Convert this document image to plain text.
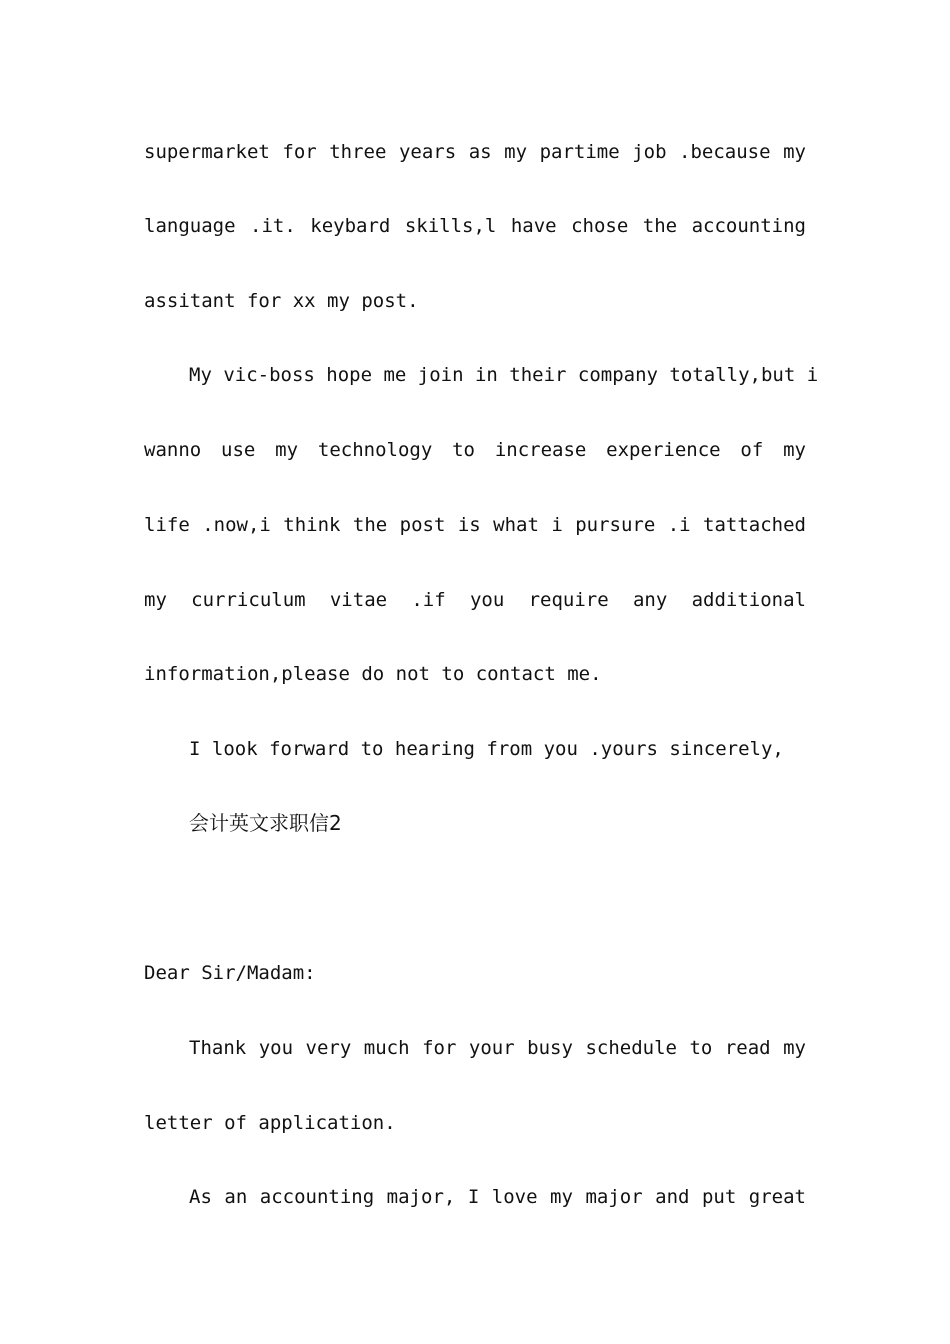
supermarket for three years as my partime job .because my
language .it. keybard skills,l have chose the accounting
assitant for xx my post.
My vic-boss hope me join in their company totally,but i
wanno use my technology to increase experience of my
life .now,i think the post is what i pursure .i tattached
my curriculum vitae .if you require any additional
information,please do not to contact me.
I look forward to hearing from you .yours sincerely,
会计英文求职信2
Dear Sir/Madam:
Thank you very much for your busy schedule to read my
letter of application.
As an accounting major, I love my major and put great
